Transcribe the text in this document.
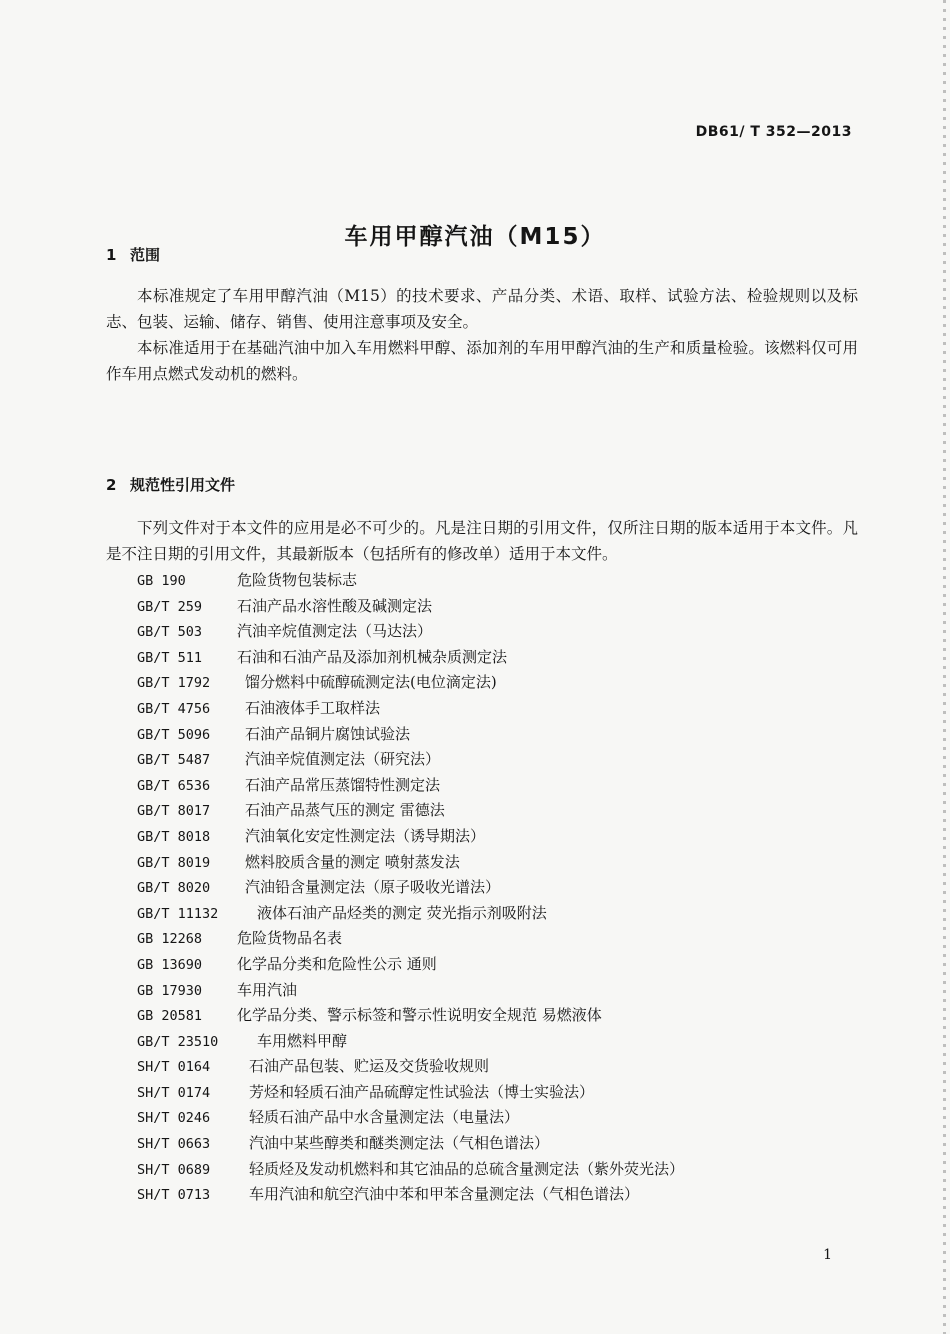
DB61/ T 352—2013
车用甲醇汽油（M15）
1 范围

本标准规定了车用甲醇汽油（M15）的技术要求、产品分类、术语、取样、试验方法、检验规则以及标志、包装、运输、储存、销售、使用注意事项及安全。

本标准适用于在基础汽油中加入车用燃料甲醇、添加剂的车用甲醇汽油的生产和质量检验。该燃料仅可用作车用点燃式发动机的燃料。

2 规范性引用文件

下列文件对于本文件的应用是必不可少的。凡是注日期的引用文件，仅所注日期的版本适用于本文件。凡是不注日期的引用文件，其最新版本（包括所有的修改单）适用于本文件。

GB 190	危险货物包装标志
GB/T 259 石油产品水溶性酸及碱测定法
GB/T 503 汽油辛烷值测定法（马达法）
GB/T 511 石油和石油产品及添加剂机械杂质测定法
GB/T 1792 馏分燃料中硫醇硫测定法(电位滴定法)
GB/T 4756 石油液体手工取样法
GB/T 5096 石油产品铜片腐蚀试验法
GB/T 5487 汽油辛烷值测定法（研究法）
GB/T 6536 石油产品常压蒸馏特性测定法
GB/T 8017 石油产品蒸气压的测定 雷德法
GB/T 8018 汽油氧化安定性测定法（诱导期法）
GB/T 8019 燃料胶质含量的测定 喷射蒸发法
GB/T 8020 汽油铅含量测定法（原子吸收光谱法）
GB/T 11132	液体石油产品烃类的测定 荧光指示剂吸附法
GB 12268 危险货物品名表
GB 13690 化学品分类和危险性公示 通则
GB 17930 车用汽油
GB 20581 化学品分类、警示标签和警示性说明安全规范 易燃液体
GB/T 23510	车用燃料甲醇
SH/T 0164	石油产品包装、贮运及交货验收规则
SH/T 0174	芳烃和轻质石油产品硫醇定性试验法（博士实验法）
SH/T 0246	轻质石油产品中水含量测定法（电量法）
SH/T 0663	汽油中某些醇类和醚类测定法（气相色谱法）
SH/T 0689	轻质烃及发动机燃料和其它油品的总硫含量测定法（紫外荧光法）
SH/T 0713	车用汽油和航空汽油中苯和甲苯含量测定法（气相色谱法）
1
